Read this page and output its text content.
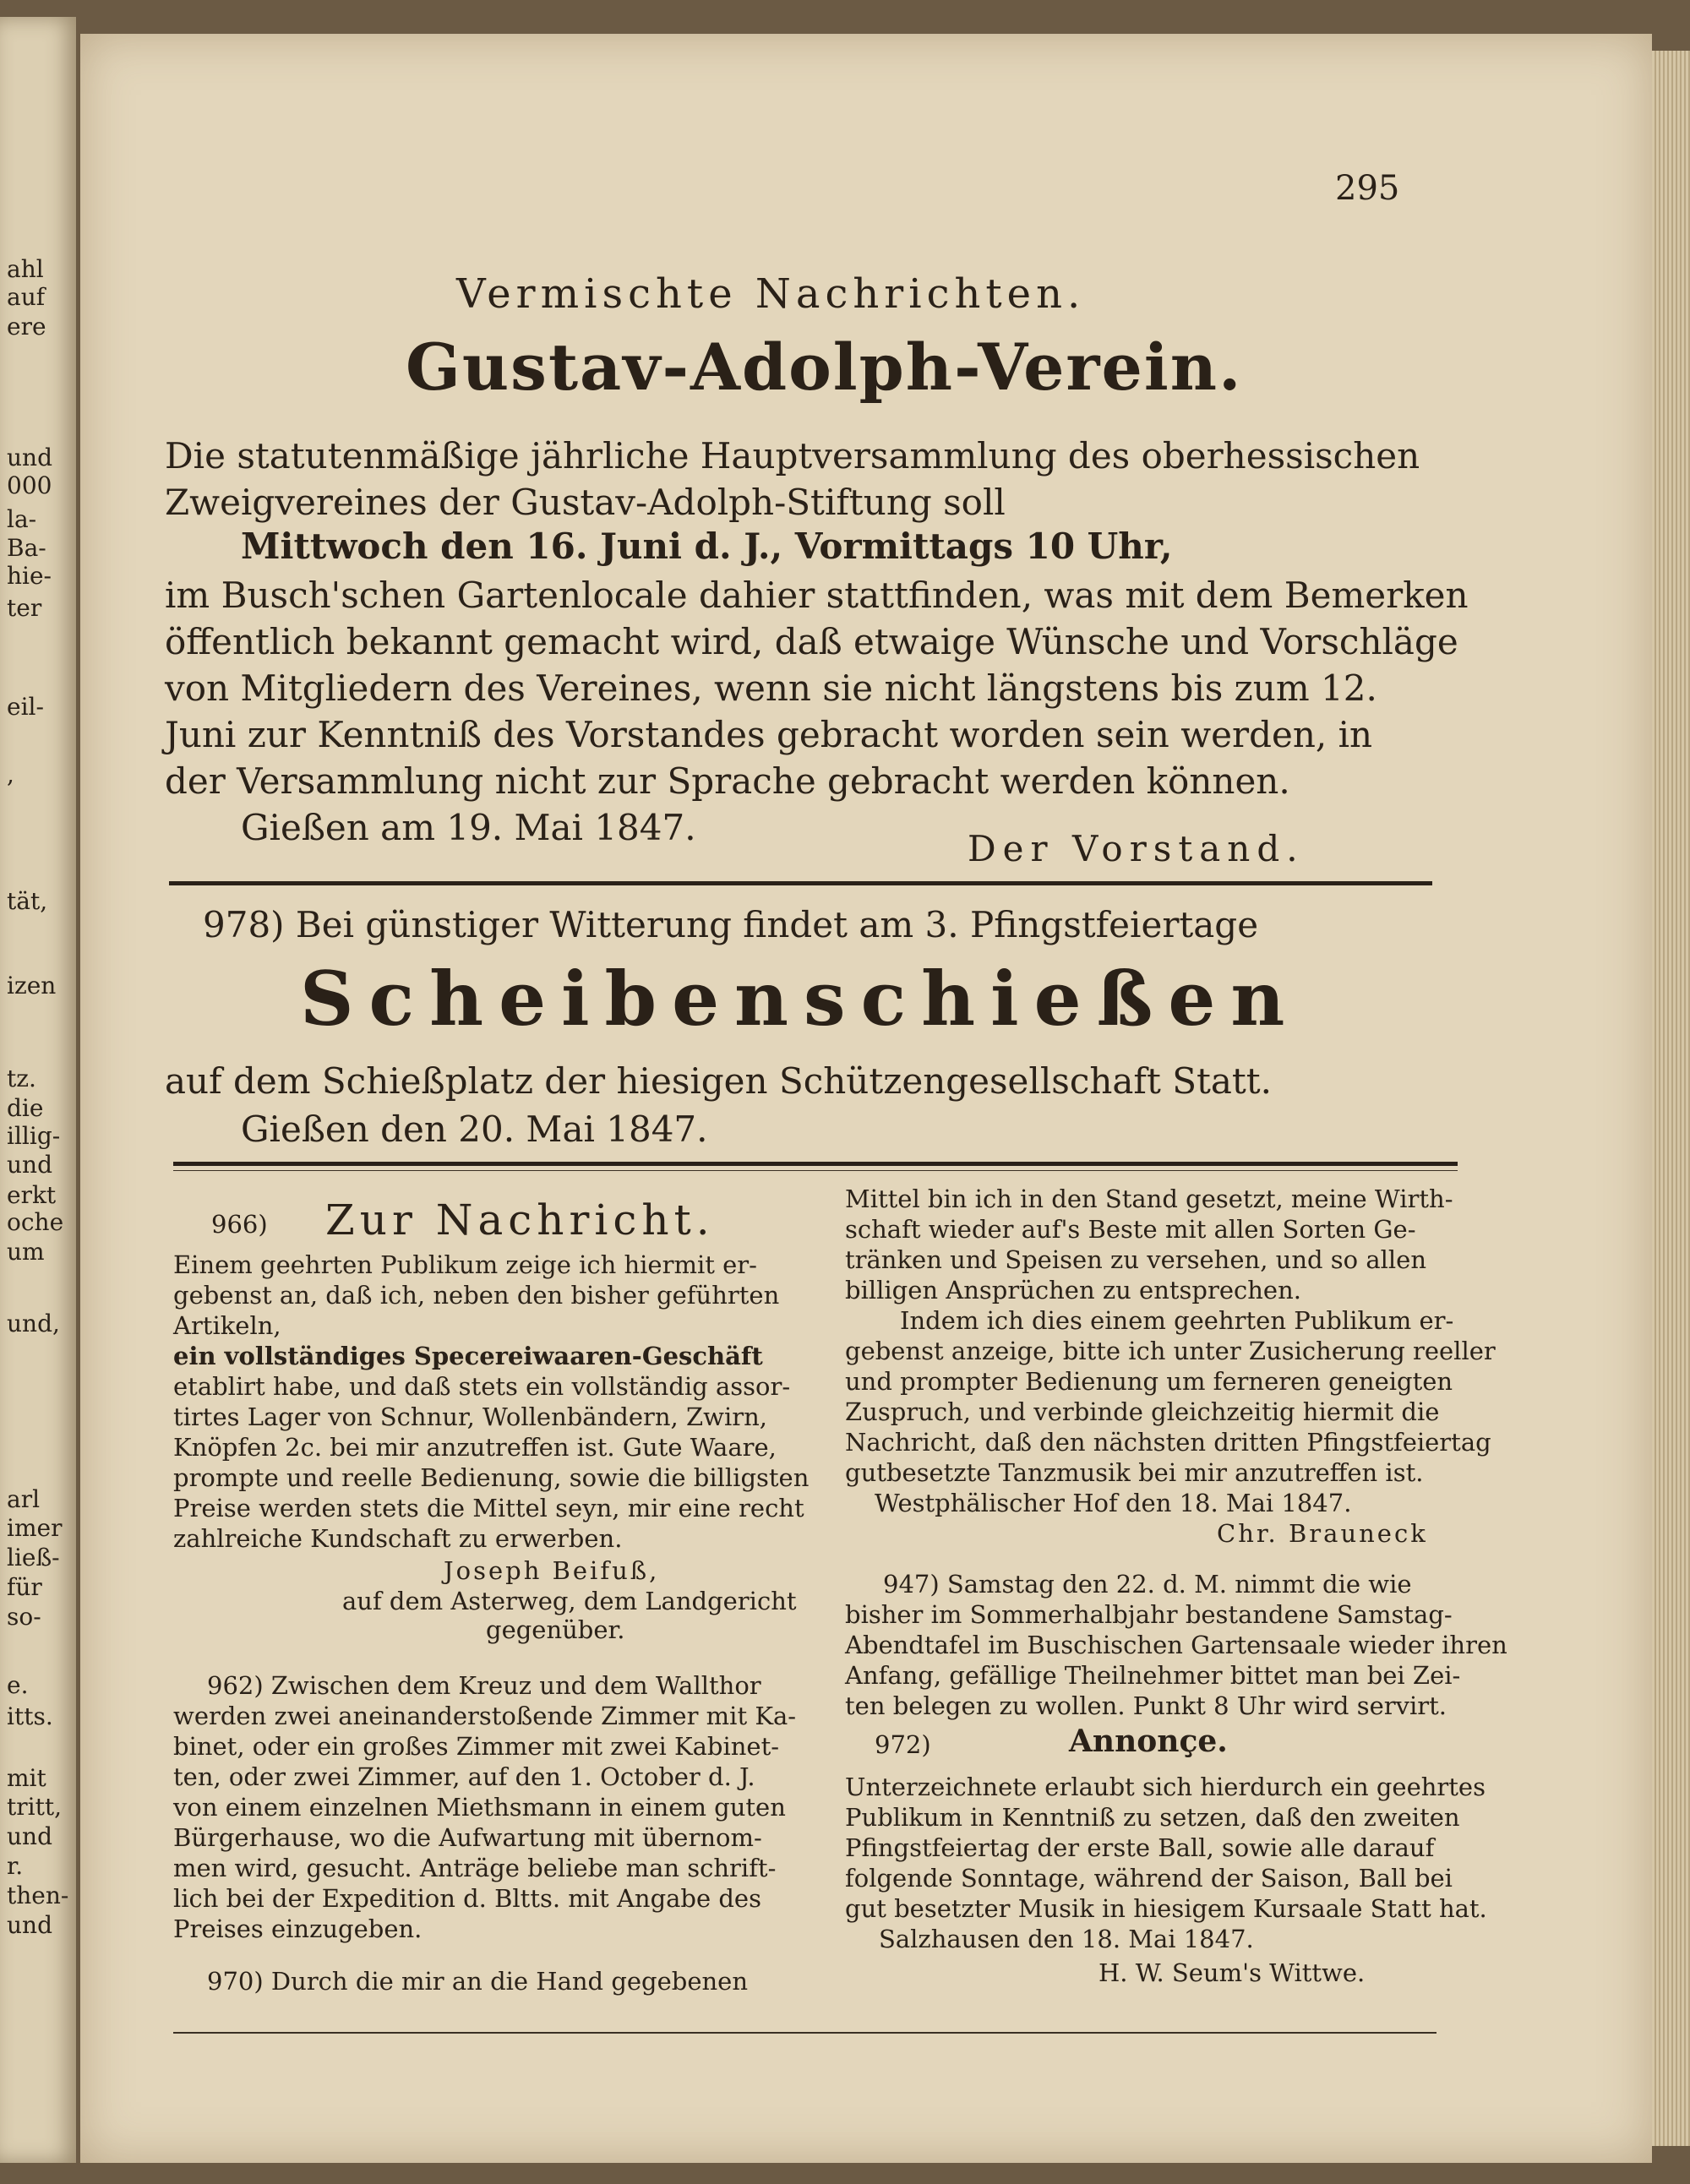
ahl
auf
ere
und
000
la-
Ba-
hie-
ter
eil-
,
tät,
izen
tz.
die
illig-
und
erkt
oche
um
und,
arl
imer
ließ-
für
so-
e.
itts.
mit
tritt,
und
r.
then-
und
295
Vermischte Nachrichten.
Gustav-Adolph-Verein.
Die statutenmäßige jährliche Hauptversammlung des oberhessischen
Zweigvereines der Gustav-Adolph-Stiftung soll
Mittwoch den 16. Juni d. J., Vormittags 10 Uhr,
im Busch'schen Gartenlocale dahier stattfinden, was mit dem Bemerken
öffentlich bekannt gemacht wird, daß etwaige Wünsche und Vorschläge
von Mitgliedern des Vereines, wenn sie nicht längstens bis zum 12.
Juni zur Kenntniß des Vorstandes gebracht worden sein werden, in
der Versammlung nicht zur Sprache gebracht werden können.
Gießen am 19. Mai 1847.
Der Vorstand.
978) Bei günstiger Witterung findet am 3. Pfingstfeiertage
Scheibenschießen
auf dem Schießplatz der hiesigen Schützengesellschaft Statt.
Gießen den 20. Mai 1847.
966) Zur Nachricht.
Einem geehrten Publikum zeige ich hiermit er-
gebenst an, daß ich, neben den bisher geführten
Artikeln,
ein vollständiges Specereiwaaren-Geschäft
etablirt habe, und daß stets ein vollständig assor-
tirtes Lager von Schnur, Wollenbändern, Zwirn,
Knöpfen 2c. bei mir anzutreffen ist. Gute Waare,
prompte und reelle Bedienung, sowie die billigsten
Preise werden stets die Mittel seyn, mir eine recht
zahlreiche Kundschaft zu erwerben.
Joseph Beifuß,
auf dem Asterweg, dem Landgericht
gegenüber.
962) Zwischen dem Kreuz und dem Wallthor
werden zwei aneinanderstoßende Zimmer mit Ka-
binet, oder ein großes Zimmer mit zwei Kabinet-
ten, oder zwei Zimmer, auf den 1. October d. J.
von einem einzelnen Miethsmann in einem guten
Bürgerhause, wo die Aufwartung mit übernom-
men wird, gesucht. Anträge beliebe man schrift-
lich bei der Expedition d. Bltts. mit Angabe des
Preises einzugeben.
970) Durch die mir an die Hand gegebenen
Mittel bin ich in den Stand gesetzt, meine Wirth-
schaft wieder auf's Beste mit allen Sorten Ge-
tränken und Speisen zu versehen, und so allen
billigen Ansprüchen zu entsprechen.
Indem ich dies einem geehrten Publikum er-
gebenst anzeige, bitte ich unter Zusicherung reeller
und prompter Bedienung um ferneren geneigten
Zuspruch, und verbinde gleichzeitig hiermit die
Nachricht, daß den nächsten dritten Pfingstfeiertag
gutbesetzte Tanzmusik bei mir anzutreffen ist.
Westphälischer Hof den 18. Mai 1847.
Chr. Brauneck
947) Samstag den 22. d. M. nimmt die wie
bisher im Sommerhalbjahr bestandene Samstag-
Abendtafel im Buschischen Gartensaale wieder ihren
Anfang, gefällige Theilnehmer bittet man bei Zei-
ten belegen zu wollen. Punkt 8 Uhr wird servirt.
Unterzeichnete erlaubt sich hierdurch ein geehrtes
Publikum in Kenntniß zu setzen, daß den zweiten
Pfingstfeiertag der erste Ball, sowie alle darauf
folgende Sonntage, während der Saison, Ball bei
gut besetzter Musik in hiesigem Kursaale Statt hat.
Salzhausen den 18. Mai 1847.
H. W. Seum's Wittwe.
972)	Annonçe.
